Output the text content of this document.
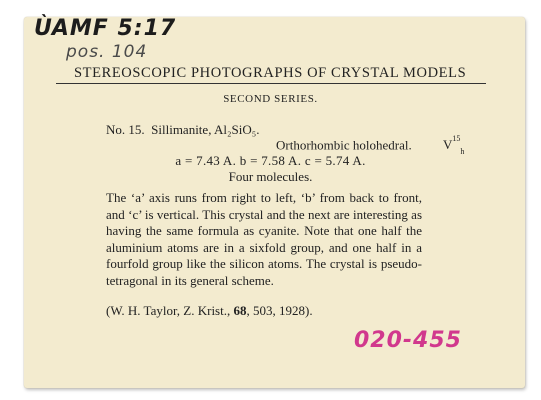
ÙAMF 5:17
pos. 104
STEREOSCOPIC PHOTOGRAPHS OF CRYSTAL MODELS
SECOND SERIES.
No. 15. Sillimanite, Al₂SiO₅.
Orthorhombic holohedral. $V^{15}_h$
a = 7.43 A. b = 7.58 A. c = 5.74 A.
Four molecules.
The ‘a’ axis runs from right to left, ‘b’ from back to front, and ‘c’ is vertical. This crystal and the next are interesting as having the same formula as cyanite. Note that one half the aluminium atoms are in a sixfold group, and one half in a fourfold group like the silicon atoms. The crystal is pseudo-tetragonal in its general scheme.
(W. H. Taylor, Z. Krist., 68, 503, 1928).
020-455
